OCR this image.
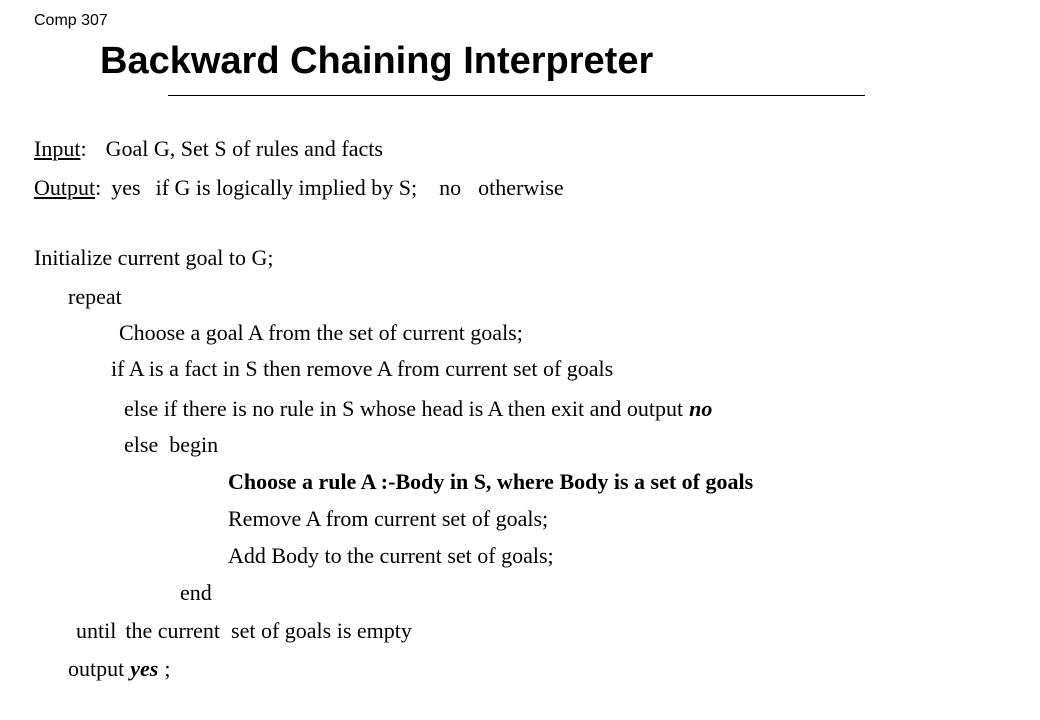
Comp 307
Backward Chaining Interpreter
Input: Goal G, Set S of rules and facts
Output: yes if G is logically implied by S; no otherwise
Initialize current goal to G;
repeat
Choose a goal A from the set of current goals;
if A is a fact in S then remove A from current set of goals
else if there is no rule in S whose head is A then exit and output no
else  begin
Choose a rule A :-Body in S, where Body is a set of goals
Remove A from current set of goals;
Add Body to the current set of goals;
end
until the current  set of goals is empty
output yes ;
